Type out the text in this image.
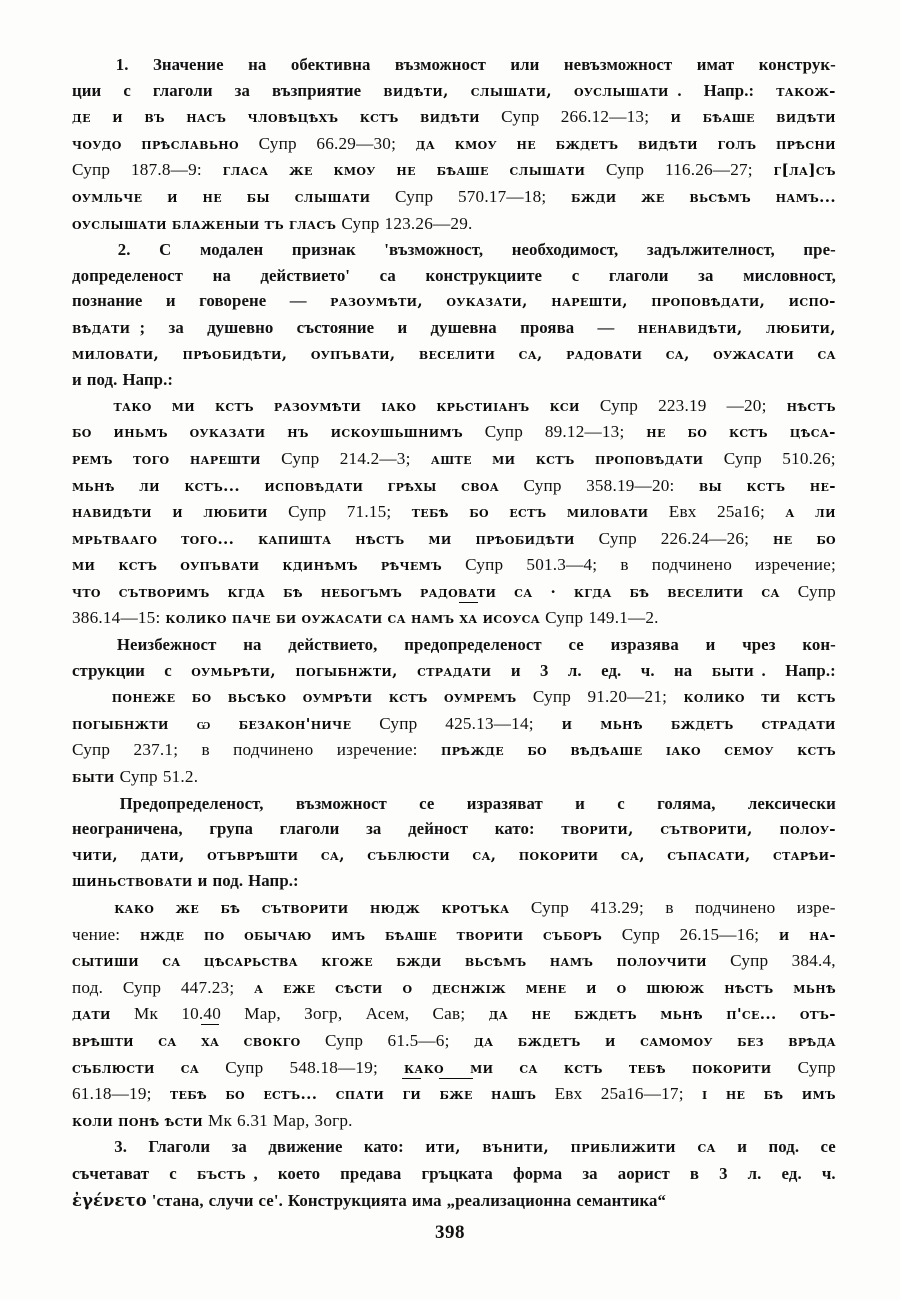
1. Значение на обективна възможност или невъзможност имат конструк-
ции с глаголи за възприятие видѣти, слышати, оуслышати . Напр.: також-
де и въ насъ чловѣцѣхъ кстъ видѣти Супр 266.12—13; и бѣаше видѣти
чоудо прѣславьно Супр 66.29—30; да кмоу не бждетъ видѣти голъ прѣсни
Супр 187.8—9: гласа же кмоу не бѣаше слышати Супр 116.26—27; г[ла]съ
оумльче и не бы слышати Супр 570.17—18; бжди же вьсѣмъ намъ...
оуслышати блаженыи тъ гласъ Супр 123.26—29.
2. С модален признак 'възможност, необходимост, задължителност, пре-
допределеност на действието' са конструкциите с глаголи за мисловност,
познание и говорене — разоумѣти, оуказати, нарешти, проповѣдати, испо-
вѣдати ; за душевно състояние и душевна проява — ненавидѣти, любити,
миловати, прѣобидѣти, оупъвати, веселити са, радовати са, оужасати са
и под. Напр.:
тако ми кстъ разоумѣти ιако крьстиιанъ кси Супр 223.19 —20; нѣстъ
бо иньмъ оуказати нъ искоушьшнимъ Супр 89.12—13; не бо кстъ цѣса-
ремъ того нарешти Супр 214.2—3; аште ми кстъ проповѣдати Супр 510.26;
мьнѣ ли кстъ... исповѣдати грѣхы своа Супр 358.19—20: вы кстъ не-
навидѣти и любити Супр 71.15; тебѣ бо естъ миловати Евх 25а16; а ли
мрьтвааго того... капишта нѣстъ ми прѣобидѣти Супр 226.24—26; не бо
ми кстъ оупъвати кдинѣмъ рѣчемъ Супр 501.3—4; в подчинено изречение;
что сътворимъ кгда бѣ небогъмъ радовати са · кгда бѣ веселити са Супр
386.14—15: колико паче би оужасати са намъ ха исоуса Супр 149.1—2.
Неизбежност на действието, предопределеност се изразява и чрез кон-
струкции с оумьрѣти, погыбнжти, страдати и 3 л. ед. ч. на быти . Напр.:
понеже бо вьсѣко оумрѣти кстъ оумремъ Супр 91.20—21; колико ти кстъ
погыбнжти ѡ безакон'ниче Супр 425.13—14; и мьнѣ бждетъ страдати
Супр 237.1; в подчинено изречение: прѣжде бо вѣдѣаше ιако семоу кстъ
быти Супр 51.2.
Предопределеност, възможност се изразяват и с голяма, лексически
неограничена, група глаголи за дейност като: творити, сътворити, полоу-
чити, дати, отъврѣшти са, съблюсти са, покорити са, съпасати, старѣи-
шиньствовати и под. Напр.:
како же бѣ сътворити нюдж кротъка Супр 413.29; в подчинено изре-
чение: нжде по обычаю имъ бѣаше творити съборъ Супр 26.15—16; и на-
сытиши са цѣсарьства кгоже бжди вьсѣмъ намъ полоучити Супр 384.4,
под. Супр 447.23; а еже сѣсти о деснжιж мене и о шююж нѣстъ мьнѣ
дати Мк 10.40 Мар, Зогр, Асем, Сав; да не бждетъ мьнѣ п'се... отъ-
врѣшти са ха свокго Супр 61.5—6; да бждетъ и самомоу без врѣда
съблюсти са Супр 548.18—19; како ми са кстъ тебѣ покорити Супр
61.18—19; тебѣ бо естъ... спати ги бже нашъ Евх 25а16—17; ι не бѣ имъ
коли понѣ ѣсти Мк 6.31 Мар, Зогр.
3. Глаголи за движение като: ити, вънити, приближити са и под. се
съчетават с бъстъ , което предава гръцката форма за аорист в 3 л. ед. ч.
ἐγένετο 'стана, случи се'. Конструкцията има „реализационна семантика“
398
